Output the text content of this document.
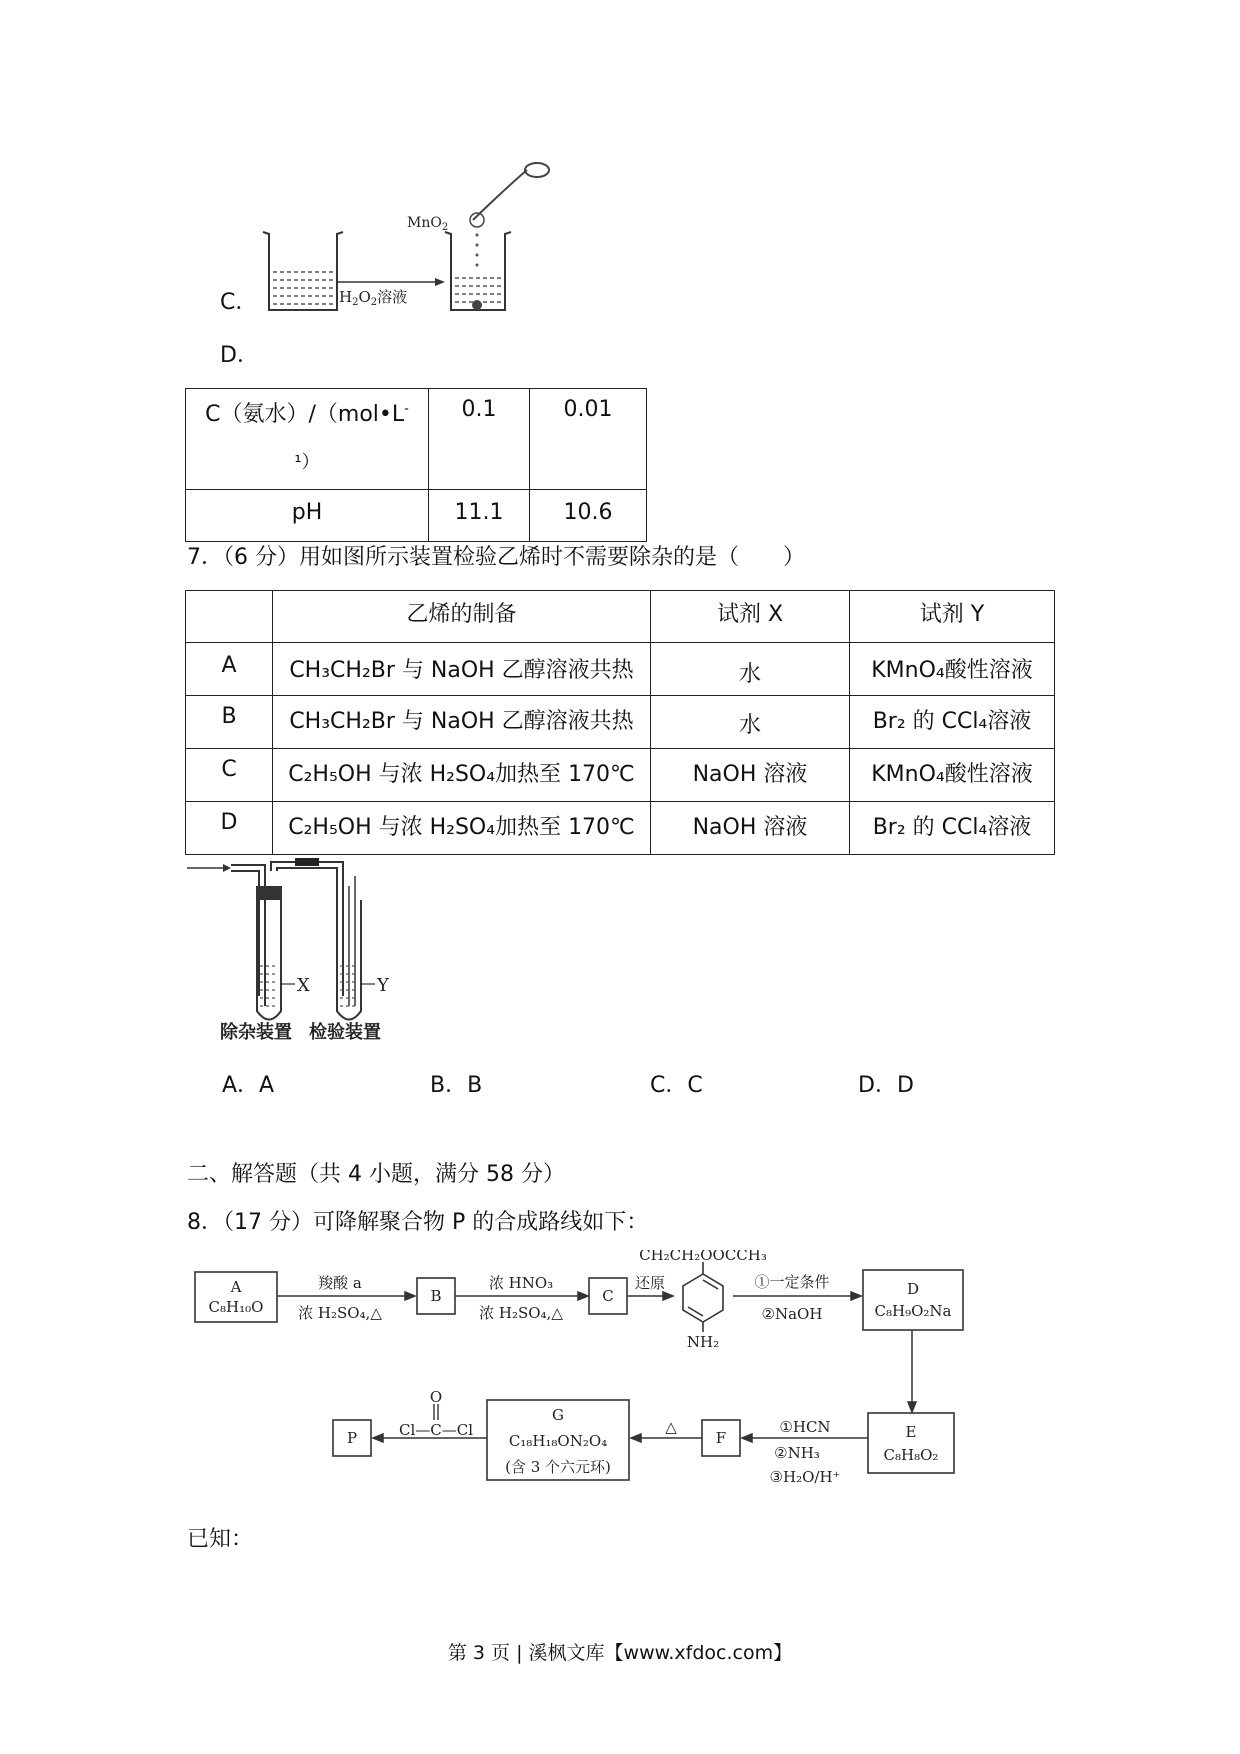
C．
MnO$_2$
$H_2O_2$溶液
D．
C（氨水）/（mol•L-
¹）	0.1	0.01
pH	11.1	10.6
7．（6 分）用如图所示装置检验乙烯时不需要除杂的是（　　）
	乙烯的制备	试剂 X	试剂 Y
A	CH₃CH₂Br 与 NaOH 乙醇溶液共热	水	KMnO₄酸性溶液
B	CH₃CH₂Br 与 NaOH 乙醇溶液共热	水	Br₂ 的 CCl₄溶液
C	C₂H₅OH 与浓 H₂SO₄加热至 170℃	NaOH 溶液	KMnO₄酸性溶液
D	C₂H₅OH 与浓 H₂SO₄加热至 170℃	NaOH 溶液	Br₂ 的 CCl₄溶液
X	Y
除杂装置 检验装置
A．A	B．B	C．C	D．D
二、解答题（共 4 小题，满分 58 分）
8．（17 分）可降解聚合物 P 的合成路线如下：
A
C₈H₁₀O
羧酸 a
浓 H₂SO₄,△
B
浓 HNO₃
浓 H₂SO₄,△
C
还原
CH₂CH₂OOCCH₃
NH₂
①一定条件
②NaOH
D
C₈H₉O₂Na
E
C₈H₈O₂
①HCN
②NH₃
③H₂O/H⁺
F
△
G
C₁₈H₁₈ON₂O₄
(含 3 个六元环)
O
Cl—C—Cl
P
已知：
第 3 页 | 溪枫文库【www.xfdoc.com】
